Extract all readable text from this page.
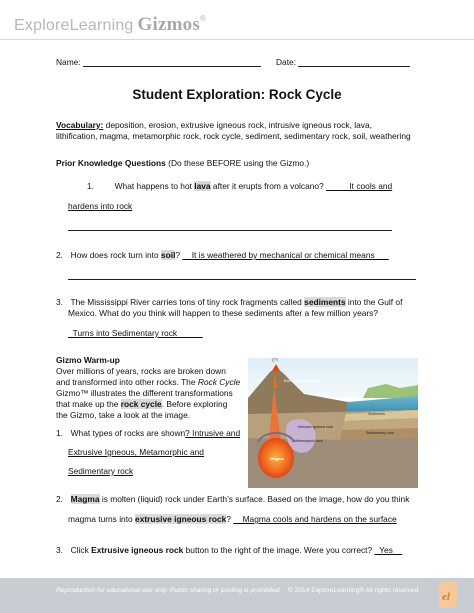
ExploreLearning Gizmos®
Name:	Date:
Student Exploration: Rock Cycle
Vocabulary: deposition, erosion, extrusive igneous rock, intrusive igneous rock, lava,
lithification, magma, metamorphic rock, rock cycle, sediment, sedimentary rock, soil, weathering
Prior Knowledge Questions (Do these BEFORE using the Gizmo.)
1. What happens to hot lava after it erupts from a volcano? _____It cools and
hardens into rock
2. How does rock turn into soil? __It is weathered by mechanical or chemical means___
3. The Mississippi River carries tons of tiny rock fragments called sediments into the Gulf of
Mexico. What do you think will happen to these sediments after a few million years?
_Turns into Sedimentary rock _____
Gizmo Warm-up
Over millions of years, rocks are broken down
and transformed into other rocks. The Rock Cycle
Gizmo™ illustrates the different transformations
that make up the rock cycle. Before exploring
the Gizmo, take a look at the image.
1. What types of rocks are shown? Intrusive and
Extrusive Igneous, Metamorphic and
Sedimentary rock
Extrusive igneous rock
Sediments
Sedimentary rock
Intrusive igneous rock
Metamorphic rock
Magma
2. Magma is molten (liquid) rock under Earth’s surface. Based on the image, how do you think
magma turns into extrusive igneous rock? __Magma cools and hardens on the surface
3. Click Extrusive igneous rock button to the right of the image. Were you correct? _Yes__
Reproduction for educational use only. Public sharing or posting is prohibited. © 2014 ExploreLearning® All rights reserved
el
